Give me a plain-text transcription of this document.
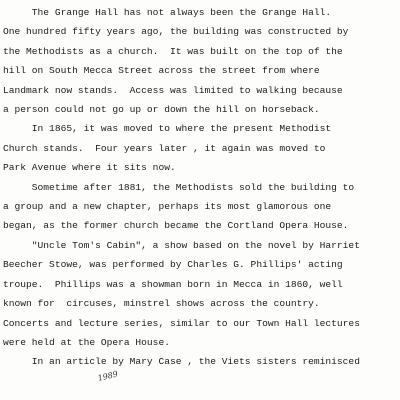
The Grange Hall has not always been the Grange Hall.
One hundred fifty years ago, the building was constructed by
the Methodists as a church.  It was built on the top of the
hill on South Mecca Street across the street from where
Landmark now stands.  Access was limited to walking because
a person could not go up or down the hill on horseback.
In 1865, it was moved to where the present Methodist
Church stands.  Four years later , it again was moved to
Park Avenue where it sits now.
Sometime after 1881, the Methodists sold the building to
a group and a new chapter, perhaps its most glamorous one
began, as the former church became the Cortland Opera House.
"Uncle Tom's Cabin", a show based on the novel by Harriet
Beecher Stowe, was performed by Charles G. Phillips' acting
troupe.  Phillips was a showman born in Mecca in 1860, well
known for  circuses, minstrel shows across the country.
Concerts and lecture series, similar to our Town Hall lectures
were held at the Opera House.
In an article by Mary Case , the Viets sisters reminisced
1989
